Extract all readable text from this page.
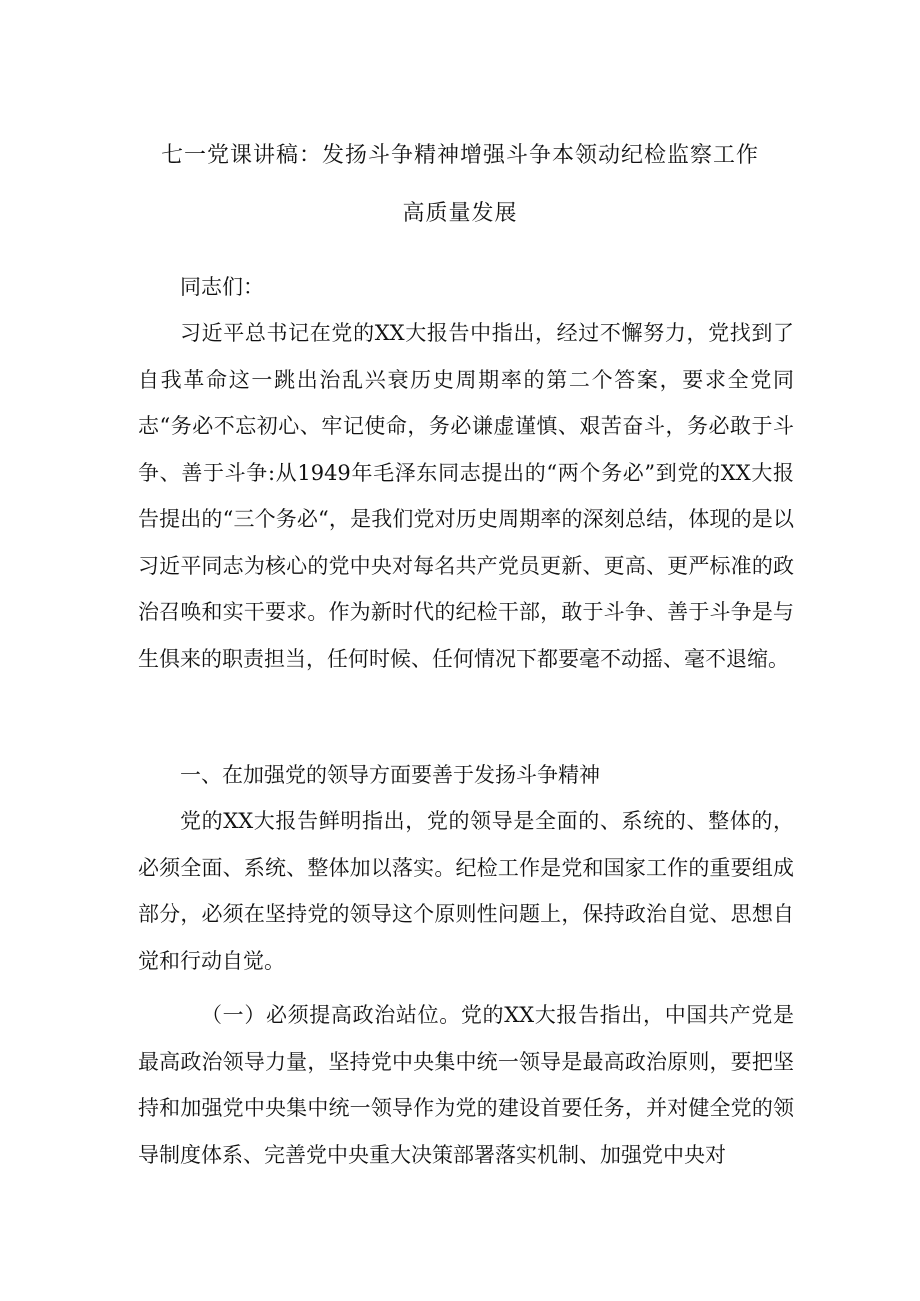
七一党课讲稿：发扬斗争精神增强斗争本领动纪检监察工作
高质量发展

同志们：

习近平总书记在党的XX大报告中指出，经过不懈努力，党找到了自我革命这一跳出治乱兴衰历史周期率的第二个答案，要求全党同志“务必不忘初心、牢记使命，务必谦虚谨慎、艰苦奋斗，务必敢于斗争、善于斗争:从1949年毛泽东同志提出的“两个务必”到党的XX大报告提出的“三个务必“，是我们党对历史周期率的深刻总结，体现的是以习近平同志为核心的党中央对每名共产党员更新、更高、更严标准的政治召唤和实干要求。作为新时代的纪检干部，敢于斗争、善于斗争是与生俱来的职责担当，任何时候、任何情况下都要毫不动摇、毫不退缩。

一、在加强党的领导方面要善于发扬斗争精神

党的XX大报告鲜明指出，党的领导是全面的、系统的、整体的，必须全面、系统、整体加以落实。纪检工作是党和国家工作的重要组成部分，必须在坚持党的领导这个原则性问题上，保持政治自觉、思想自觉和行动自觉。

（一）必须提高政治站位。党的XX大报告指出，中国共产党是最高政治领导力量，坚持党中央集中统一领导是最高政治原则，要把坚持和加强党中央集中统一领导作为党的建设首要任务，并对健全党的领导制度体系、完善党中央重大决策部署落实机制、加强党中央对
